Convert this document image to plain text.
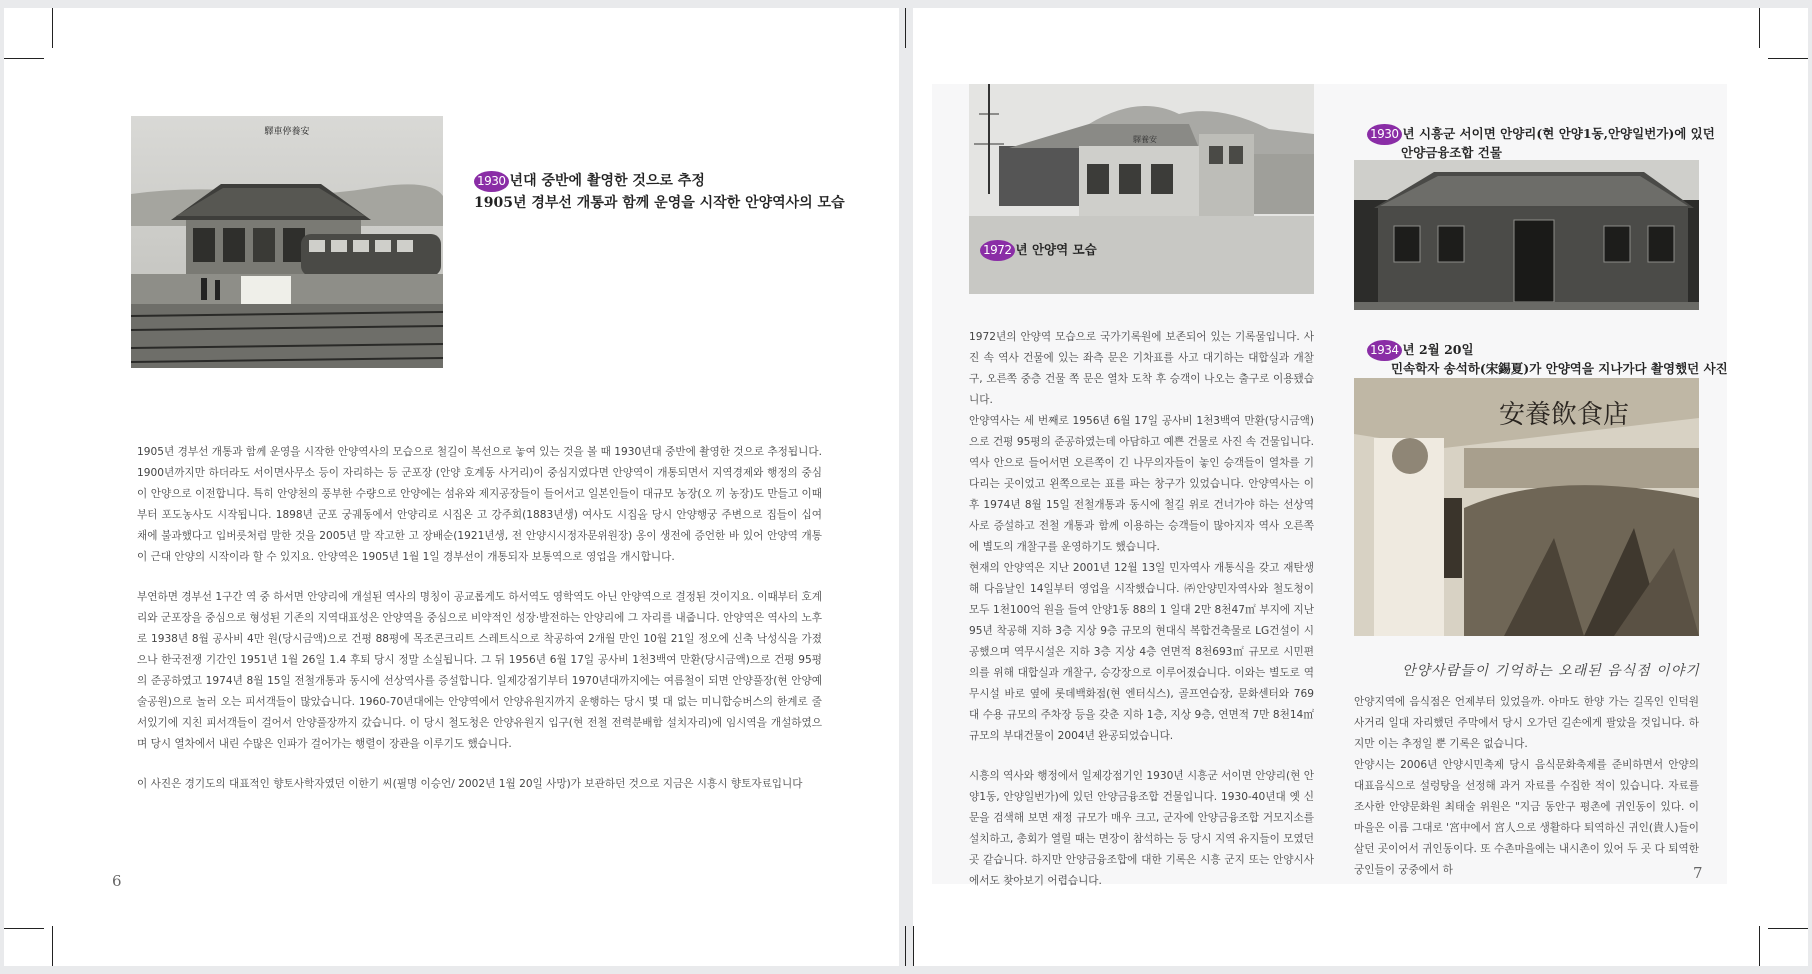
驛車停養安
1930 년대 중반에 촬영한 것으로 추정
1905년 경부선 개통과 함께 운영을 시작한 안양역사의 모습

1905년 경부선 개통과 함께 운영을 시작한 안양역사의 모습으로 철길이 복선으로 놓여 있는 것을 볼 때 1930년대 중반에 촬영한 것으로 추정됩니다. 1900년까지만 하더라도 서이면사무소 등이 자리하는 등 군포장 (안양 호계동 사거리)이 중심지였다면 안양역이 개통되면서 지역경제와 행정의 중심이 안양으로 이전합니다. 특히 안양천의 풍부한 수량으로 안양에는 섬유와 제지공장들이 들어서고 일본인들이 대규모 농장(오 끼 농장)도 만들고 이때부터 포도농사도 시작됩니다. 1898년 군포 궁궤동에서 안양리로 시집온 고 강주희(1883년생) 여사도 시집올 당시 안양행궁 주변으로 집들이 십여 채에 불과했다고 입버릇처럼 말한 것을 2005년 말 작고한 고 장배순(1921년생, 전 안양시시정자문위원장) 옹이 생전에 증언한 바 있어 안양역 개통이 근대 안양의 시작이라 할 수 있지요. 안양역은 1905년 1월 1일 경부선이 개통되자 보통역으로 영업을 개시합니다.

부연하면 경부선 1구간 역 중 하서면 안양리에 개설된 역사의 명칭이 공교롭게도 하서역도 영학역도 아닌 안양역으로 결정된 것이지요. 이때부터 호계리와 군포장을 중심으로 형성된 기존의 지역대표성은 안양역을 중심으로 비약적인 성장·발전하는 안양리에 그 자리를 내줍니다. 안양역은 역사의 노후로 1938년 8월 공사비 4만 원(당시금액)으로 건평 88평에 목조콘크리트 스레트식으로 착공하여 2개월 만인 10월 21일 정오에 신축 낙성식을 가졌으나 한국전쟁 기간인 1951년 1월 26일 1.4 후퇴 당시 정말 소실됩니다. 그 뒤 1956년 6월 17일 공사비 1천3백여 만환(당시금액)으로 건평 95평의 준공하였고 1974년 8월 15일 전철개통과 동시에 선상역사를 증설합니다. 일제강점기부터 1970년대까지에는 여름철이 되면 안양풀장(현 안양예술공원)으로 놀러 오는 피서객들이 많았습니다. 1960-70년대에는 안양역에서 안양유원지까지 운행하는 당시 몇 대 없는 미니합승버스의 한계로 줄 서있기에 지친 피서객들이 걸어서 안양풀장까지 갔습니다. 이 당시 철도청은 안양유원지 입구(현 전철 전력분배함 설치자리)에 임시역을 개설하였으며 당시 열차에서 내린 수많은 인파가 걸어가는 행렬이 장관을 이루기도 했습니다.

이 사진은 경기도의 대표적인 향토사학자였던 이한기 씨(필명 이승언/ 2002년 1월 20일 사망)가 보관하던 것으로 지금은 시흥시 향토자료입니다

6
驛養安
1972 년 안양역 모습
1930 년 시흥군 서이면 안양리(현 안양1동,안양일번가)에 있던
안양금융조합 건물
1934 년 2월 20일
민속학자 송석하(宋錫夏)가 안양역을 지나가다 촬영했던 사진
安養飲食店
안양사람들이 기억하는 오래된 음식점 이야기

1972년의 안양역 모습으로 국가기록원에 보존되어 있는 기록물입니다. 사진 속 역사 건물에 있는 좌측 문은 기차표를 사고 대기하는 대합실과 개찰구, 오른쪽 중층 건물 쪽 문은 열차 도착 후 승객이 나오는 출구로 이용됐습니다.

안양역사는 세 번째로 1956년 6월 17일 공사비 1천3백여 만환(당시금액)으로 건평 95평의 준공하였는데 아담하고 예쁜 건물로 사진 속 건물입니다. 역사 안으로 들어서면 오른쪽이 긴 나무의자들이 놓인 승객들이 열차를 기다리는 곳이었고 왼쪽으로는 표를 파는 창구가 있었습니다. 안양역사는 이후 1974년 8월 15일 전철개통과 동시에 철길 위로 건너가야 하는 선상역사로 증설하고 전철 개통과 함께 이용하는 승객들이 많아지자 역사 오른쪽에 별도의 개찰구를 운영하기도 했습니다.

현재의 안양역은 지난 2001년 12월 13일 민자역사 개통식을 갖고 재탄생해 다음날인 14일부터 영업을 시작했습니다. ㈜안양민자역사와 철도청이 모두 1천100억 원을 들여 안양1동 88의 1 일대 2만 8천47㎡ 부지에 지난 95년 착공해 지하 3층 지상 9층 규모의 현대식 복합건축물로 LG건설이 시공했으며 역무시설은 지하 3층 지상 4층 연면적 8천693㎡ 규모로 시민편의를 위해 대합실과 개찰구, 승강장으로 이루어졌습니다. 이와는 별도로 역무시설 바로 옆에 롯데백화점(현 엔터식스), 골프연습장, 문화센터와 769대 수용 규모의 주차장 등을 갖춘 지하 1층, 지상 9층, 연면적 7만 8천14㎡ 규모의 부대건물이 2004년 완공되었습니다.

시흥의 역사와 행정에서 일제강점기인 1930년 시흥군 서이면 안양리(현 안양1동, 안양일번가)에 있던 안양금융조합 건물입니다. 1930-40년대 옛 신문을 검색해 보면 재정 규모가 매우 크고, 군자에 안양금융조합 거모지소를 설치하고, 총회가 열릴 때는 면장이 참석하는 등 당시 지역 유지들이 모였던 곳 같습니다. 하지만 안양금융조합에 대한 기록은 시흥 군지 또는 안양시사에서도 찾아보기 어렵습니다.

안양지역에 음식점은 언제부터 있었을까. 아마도 한양 가는 길목인 인덕원 사거리 일대 자리했던 주막에서 당시 오가던 길손에게 팔았을 것입니다. 하지만 이는 추정일 뿐 기록은 없습니다.

안양시는 2006년 안양시민축제 당시 음식문화축제를 준비하면서 안양의 대표음식으로 설렁탕을 선정해 과거 자료를 수집한 적이 있습니다. 자료를 조사한 안양문화원 최태술 위원은 "지금 동안구 평촌에 귀인동이 있다. 이 마을은 이름 그대로 '宮中에서 宮人으로 생활하다 퇴역하신 귀인(貴人)들이 살던 곳이어서 귀인동이다. 또 수촌마을에는 내시촌이 있어 두 곳 다 퇴역한 궁인들이 궁중에서 하	7
